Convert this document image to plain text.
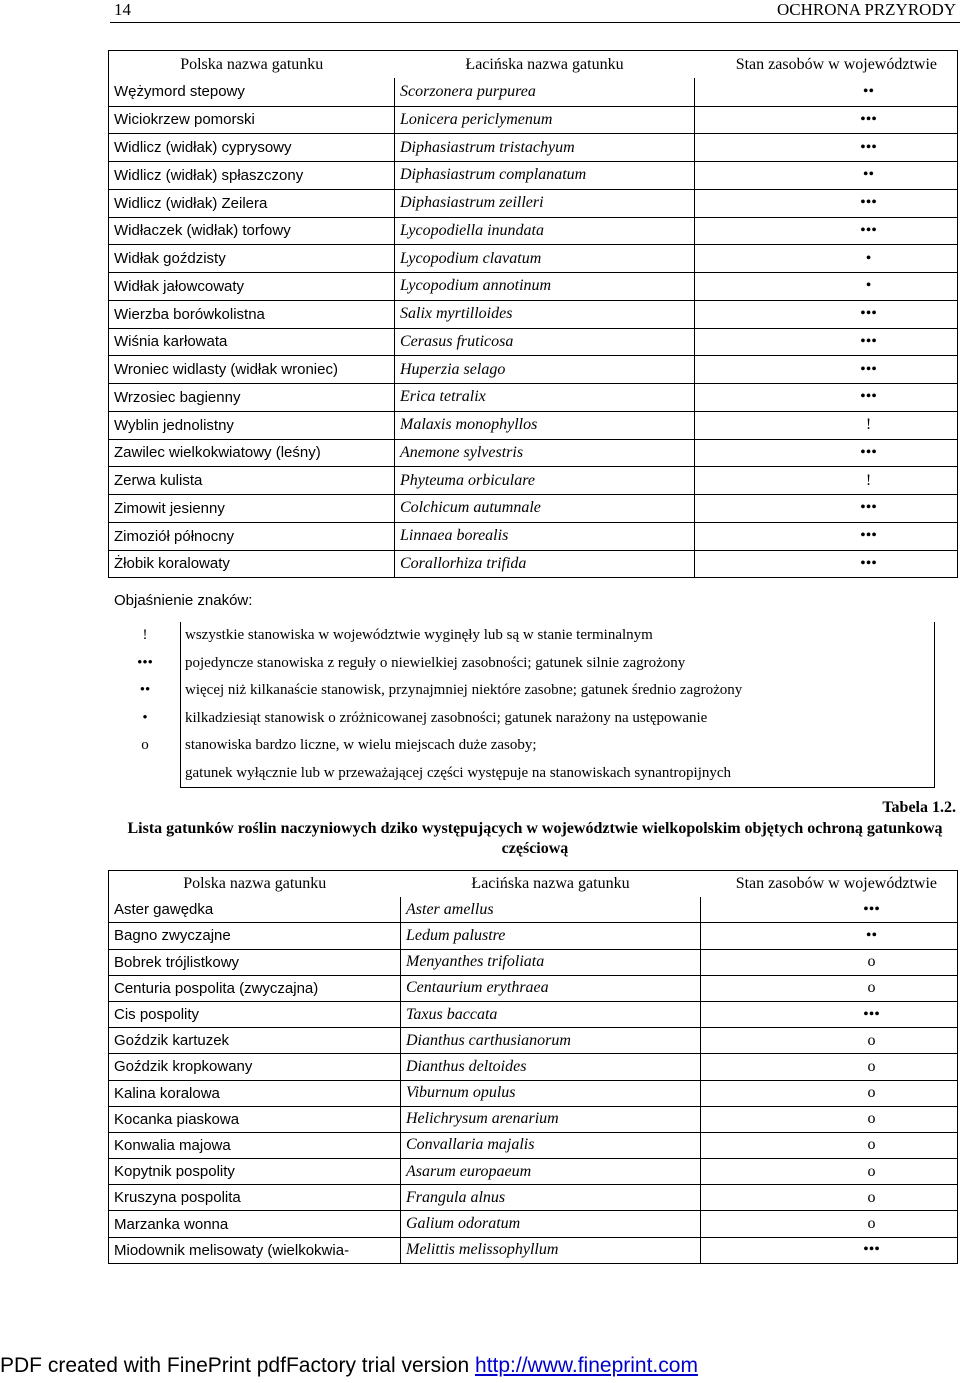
14	OCHRONA PRZYRODY
Polska nazwa gatunku	Łacińska nazwa gatunku	Stan zasobów w województwie
Wężymord stepowy	Scorzonera purpurea	••
Wiciokrzew pomorski	Lonicera periclymenum	•••
Widlicz (widłak) cyprysowy	Diphasiastrum tristachyum	•••
Widlicz (widłak) spłaszczony	Diphasiastrum complanatum	••
Widlicz (widłak) Zeilera	Diphasiastrum zeilleri	•••
Widłaczek (widłak) torfowy	Lycopodiella inundata	•••
Widłak goździsty	Lycopodium clavatum	•
Widłak jałowcowaty	Lycopodium annotinum	•
Wierzba borówkolistna	Salix myrtilloides	•••
Wiśnia karłowata	Cerasus fruticosa	•••
Wroniec widlasty (widłak wroniec)	Huperzia selago	•••
Wrzosiec bagienny	Erica tetralix	•••
Wyblin jednolistny	Malaxis monophyllos	!
Zawilec wielkokwiatowy (leśny)	Anemone sylvestris	•••
Zerwa kulista	Phyteuma orbiculare	!
Zimowit jesienny	Colchicum autumnale	•••
Zimoziół północny	Linnaea borealis	•••
Żłobik koralowaty	Corallorhiza trifida	•••
Objaśnienie znaków:
!	wszystkie stanowiska w województwie wyginęły lub są w stanie terminalnym
•••	pojedyncze stanowiska z reguły o niewielkiej zasobności; gatunek silnie zagrożony
••	więcej niż kilkanaście stanowisk, przynajmniej niektóre zasobne; gatunek średnio zagrożony
•	kilkadziesiąt stanowisk o zróżnicowanej zasobności; gatunek narażony na ustępowanie
o	stanowiska bardzo liczne, w wielu miejscach duże zasoby;
	gatunek wyłącznie lub w przeważającej części występuje na stanowiskach synantropijnych
Tabela 1.2.
Lista gatunków roślin naczyniowych dziko występujących w województwie wielkopolskim objętych ochroną gatunkową częściową
Polska nazwa gatunku	Łacińska nazwa gatunku	Stan zasobów w województwie
Aster gawędka	Aster amellus	•••
Bagno zwyczajne	Ledum palustre	••
Bobrek trójlistkowy	Menyanthes trifoliata	o
Centuria pospolita (zwyczajna)	Centaurium erythraea	o
Cis pospolity	Taxus baccata	•••
Goździk kartuzek	Dianthus carthusianorum	o
Goździk kropkowany	Dianthus deltoides	o
Kalina koralowa	Viburnum opulus	o
Kocanka piaskowa	Helichrysum arenarium	o
Konwalia majowa	Convallaria majalis	o
Kopytnik pospolity	Asarum europaeum	o
Kruszyna pospolita	Frangula alnus	o
Marzanka wonna	Galium odoratum	o
Miodownik melisowaty (wielkokwia-	Melittis melissophyllum	•••
PDF created with FinePrint pdfFactory trial version http://www.fineprint.com
